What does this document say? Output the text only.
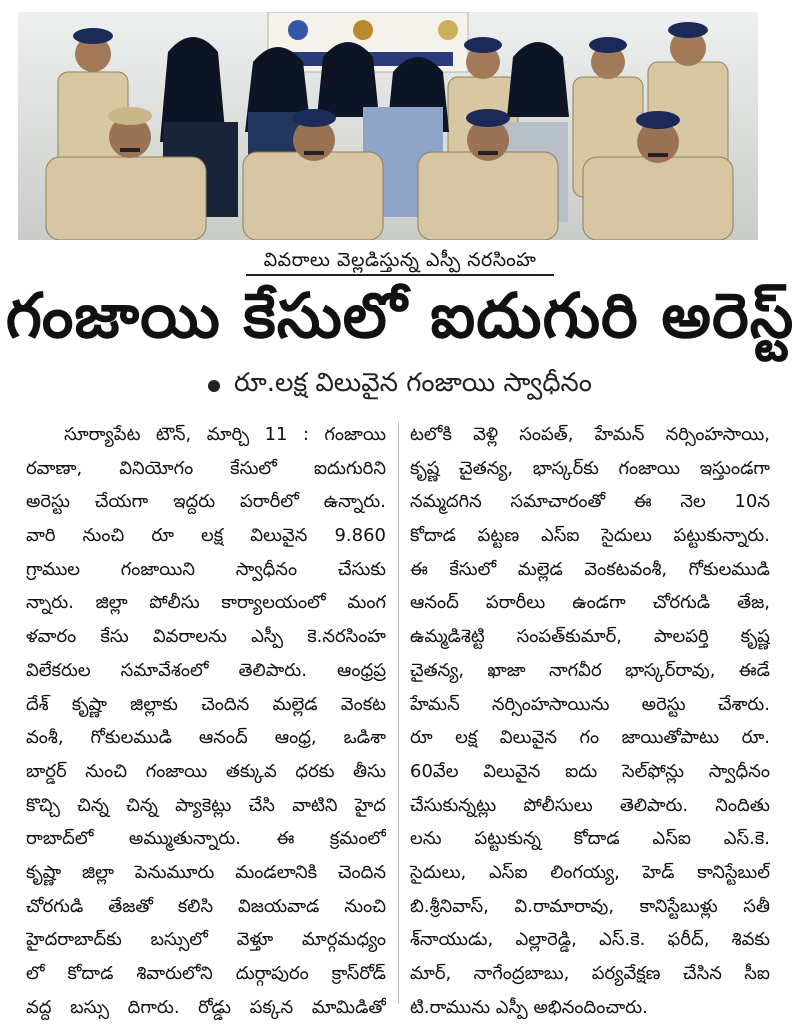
వివరాలు వెల్లడిస్తున్న ఎస్పీ నరసింహ
గంజాయి కేసులో ఐదుగురి అరెస్ట్
రూ.లక్ష విలువైన గంజాయి స్వాధీనం
సూర్యాపేట టౌన్, మార్చి 11 : గంజాయి
రవాణా, వినియోగం కేసులో ఐదుగురిని
అరెస్టు చేయగా ఇద్దరు పరారీలో ఉన్నారు.
వారి నుంచి రూ లక్ష విలువైన 9.860
గ్రాముల గంజాయిని స్వాధీనం చేసుకు
న్నారు. జిల్లా పోలీసు కార్యాలయంలో మంగ
ళవారం కేసు వివరాలను ఎస్పీ కె.నరసింహ
విలేకరుల సమావేశంలో తెలిపారు. ఆంధ్రప్ర
దేశ్ కృష్ణా జిల్లాకు చెందిన మల్లెడ వెంకట
వంశీ, గోకులముడి ఆనంద్ ఆంధ్ర, ఒడిశా
బార్డర్ నుంచి గంజాయి తక్కువ ధరకు తీసు
కొచ్చి చిన్న చిన్న ప్యాకెట్లు చేసి వాటిని హైద
రాబాద్‌లో అమ్ముతున్నారు. ఈ క్రమంలో
కృష్ణా జిల్లా పెనుమూరు మండలానికి చెందిన
చోరగుడి తేజతో కలిసి విజయవాడ నుంచి
హైదరాబాద్‌కు బస్సులో వెళ్తూ మార్గమధ్యం
లో కోదాడ శివారులోని దుర్గాపురం క్రాస్‌రోడ్
వద్ద బస్సు దిగారు. రోడ్డు పక్కన మామిడితో
టలోకి వెళ్లి సంపత్, హేమన్ నర్సింహసాయి,
కృష్ణ చైతన్య, భాస్కర్‌కు గంజాయి ఇస్తుండగా
నమ్మదగిన సమాచారంతో ఈ నెల 10న
కోదాడ పట్టణ ఎస్ఐ సైదులు పట్టుకున్నారు.
ఈ కేసులో మల్లెడ వెంకటవంశీ, గోకులముడి
ఆనంద్ పరారీలు ఉండగా చోరగుడి తేజ,
ఉమ్మడిశెట్టి సంపత్‌కుమార్, పాలపర్తి కృష్ణ
చైతన్య, ఖాజా నాగవీర భాస్కర్‌రావు, ఈడే
హేమన్ నర్సింహసాయిను అరెస్టు చేశారు.
రూ లక్ష విలువైన గం జాయితోపాటు రూ.
60వేల విలువైన ఐదు సెల్‌ఫోన్లు స్వాధీనం
చేసుకున్నట్లు పోలీసులు తెలిపారు. నిందితు
లను పట్టుకున్న కోదాడ ఎస్ఐ ఎస్.కె.
సైదులు, ఎస్ఐ లింగయ్య, హెడ్ కానిస్టేబుల్
బి.శ్రీనివాస్, వి.రామారావు, కానిస్టేబుళ్లు సతీ
శ్‌నాయుడు, ఎల్లారెడ్డి, ఎస్.కె. ఫరీద్, శివకు
మార్, నాగేంద్రబాబు, పర్యవేక్షణ చేసిన సీఐ
టి.రామును ఎస్పీ అభినందించారు.
